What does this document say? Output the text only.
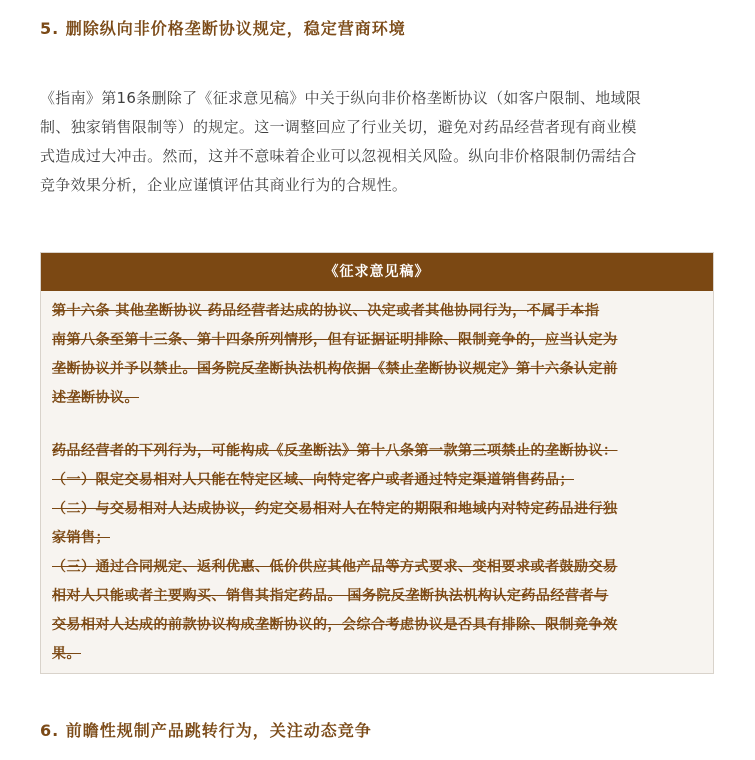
5. 删除纵向非价格垄断协议规定，稳定营商环境
《指南》第16条删除了《征求意见稿》中关于纵向非价格垄断协议（如客户限制、地域限
制、独家销售限制等）的规定。这一调整回应了行业关切，避免对药品经营者现有商业模
式造成过大冲击。然而，这并不意味着企业可以忽视相关风险。纵向非价格限制仍需结合
竞争效果分析，企业应谨慎评估其商业行为的合规性。
《征求意见稿》
第十六条 其他垄断协议 药品经营者达成的协议、决定或者其他协同行为，不属于本指
南第八条至第十三条、第十四条所列情形，但有证据证明排除、限制竞争的，应当认定为
垄断协议并予以禁止。国务院反垄断执法机构依据《禁止垄断协议规定》第十六条认定前
述垄断协议。
药品经营者的下列行为，可能构成《反垄断法》第十八条第一款第三项禁止的垄断协议：
（一）限定交易相对人只能在特定区域、向特定客户或者通过特定渠道销售药品；
（二）与交易相对人达成协议，约定交易相对人在特定的期限和地域内对特定药品进行独
家销售；
（三）通过合同规定、返利优惠、低价供应其他产品等方式要求、变相要求或者鼓励交易
相对人只能或者主要购买、销售其指定药品。 国务院反垄断执法机构认定药品经营者与
交易相对人达成的前款协议构成垄断协议的，会综合考虑协议是否具有排除、限制竞争效
果。
6. 前瞻性规制产品跳转行为，关注动态竞争
